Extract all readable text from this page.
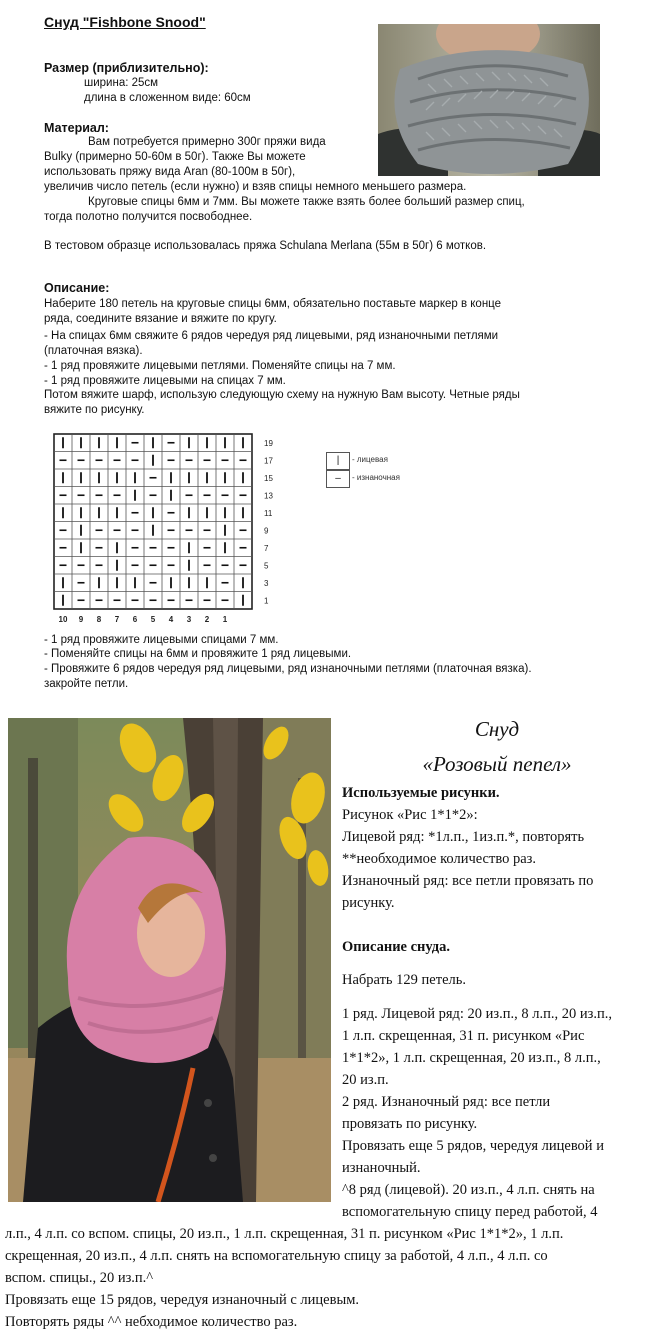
Снуд "Fishbone Snood"
Размер (приблизительно):
ширина: 25см
длина в сложенном виде: 60см
Материал:
Вам потребуется примерно 300г пряжи вида
Bulky (примерно 50-60м в 50г). Также Вы можете
использовать пряжу вида Aran (80-100м в 50г),
увеличив число петель (если нужно) и взяв спицы немного меньшего размера.
Круговые спицы 6мм и 7мм. Вы можете также взять более больший размер спиц,
тогда полотно получится посвободнее.
В тестовом образце использовалась пряжа Schulana Merlana (55м в 50г) 6 мотков.
Описание:
Наберите 180 петель на круговые спицы 6мм, обязательно поставьте маркер в конце
ряда, соедините вязание и вяжите по кругу.
- На спицах 6мм свяжите 6 рядов чередуя ряд лицевыми, ряд изнаночными петлями
(платочная вязка).
- 1 ряд провяжите лицевыми петлями. Поменяйте спицы на 7 мм.
- 1 ряд провяжите лицевыми на спицах 7 мм.
Потом вяжите шарф, использую следующую схему на нужную Вам высоту. Четные ряды
вяжите по рисунку.
19
17
15
13
11
9
7
5
3
1
10 9 8 7 6 5 4 3 2 1
|	- лицевая
–	- изнаночная
- 1 ряд провяжите лицевыми спицами 7 мм.
- Поменяйте спицы на 6мм и провяжите 1 ряд лицевыми.
- Провяжите 6 рядов чередуя ряд лицевыми, ряд изнаночными петлями (платочная вязка).
закройте петли.
Снуд
«Розовый пепел»
Используемые рисунки.
Рисунок «Рис 1*1*2»:
Лицевой ряд: *1л.п., 1из.п.*, повторять
**необходимое количество раз.
Изнаночный ряд: все петли провязать по
рисунку.
Описание снуда.
Набрать 129 петель.
1 ряд. Лицевой ряд: 20 из.п., 8 л.п., 20 из.п.,
1 л.п. скрещенная, 31 п. рисунком «Рис
1*1*2», 1 л.п. скрещенная, 20 из.п., 8 л.п.,
20 из.п.
2 ряд. Изнаночный ряд: все петли
провязать по рисунку.
Провязать еще 5 рядов, чередуя лицевой и
изнаночный.
^8 ряд (лицевой). 20 из.п., 4 л.п. снять на
вспомогательную спицу перед работой, 4
л.п., 4 л.п. со вспом. спицы, 20 из.п., 1 л.п. скрещенная, 31 п. рисунком «Рис 1*1*2», 1 л.п.
скрещенная, 20 из.п., 4 л.п. снять на вспомогательную спицу за работой, 4 л.п., 4 л.п. со
вспом. спицы., 20 из.п.^
Провязать еще 15 рядов, чередуя изнаночный с лицевым.
Повторять ряды ^^ небходимое количество раз.
